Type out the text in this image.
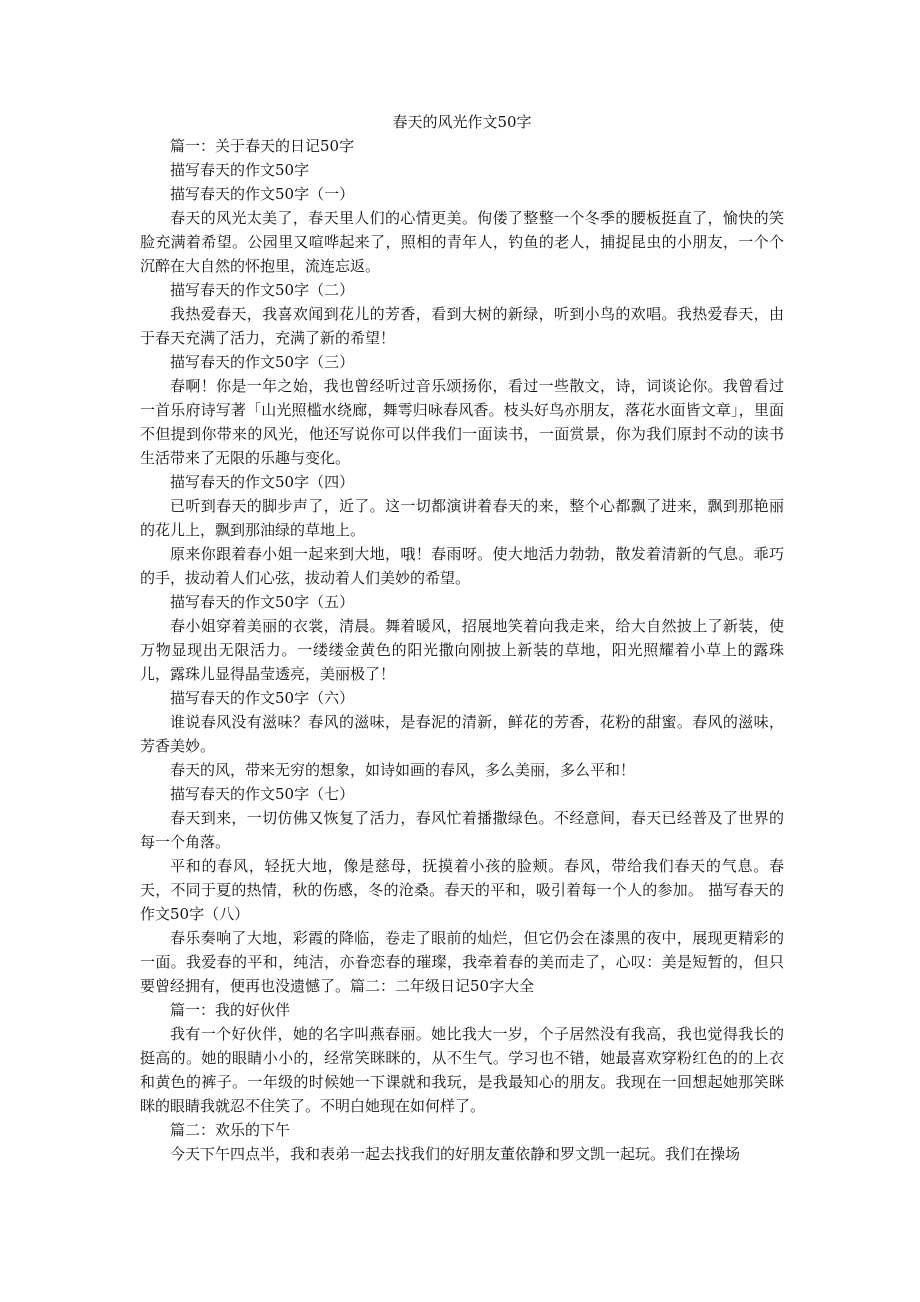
春天的风光作文50字

篇一：关于春天的日记50字

描写春天的作文50字

描写春天的作文50字（一）

春天的风光太美了，春天里人们的心情更美。佝偻了整整一个冬季的腰板挺直了，愉快的笑脸充满着希望。公园里又喧哗起来了，照相的青年人，钓鱼的老人，捕捉昆虫的小朋友，一个个沉醉在大自然的怀抱里，流连忘返。

描写春天的作文50字（二）

我热爱春天，我喜欢闻到花儿的芳香，看到大树的新绿，听到小鸟的欢唱。我热爱春天，由于春天充满了活力，充满了新的希望！

描写春天的作文50字（三）

春啊！你是一年之始，我也曾经听过音乐颂扬你，看过一些散文，诗，词谈论你。我曾看过一首乐府诗写著「山光照槛水绕廊，舞雩归咏春风香。枝头好鸟亦朋友，落花水面皆文章」，里面不但提到你带来的风光，他还写说你可以伴我们一面读书，一面赏景，你为我们原封不动的读书生活带来了无限的乐趣与变化。

描写春天的作文50字（四）

已听到春天的脚步声了，近了。这一切都演讲着春天的来，整个心都飘了进来，飘到那艳丽的花儿上，飘到那油绿的草地上。

原来你跟着春小姐一起来到大地，哦！春雨呀。使大地活力勃勃，散发着清新的气息。乖巧的手，拔动着人们心弦，拔动着人们美妙的希望。

描写春天的作文50字（五）

春小姐穿着美丽的衣裳，清晨。舞着暖风，招展地笑着向我走来，给大自然披上了新装，使万物显现出无限活力。一缕缕金黄色的阳光撒向刚披上新装的草地，阳光照耀着小草上的露珠儿，露珠儿显得晶莹透亮，美丽极了！

描写春天的作文50字（六）

谁说春风没有滋味？春风的滋味，是春泥的清新，鲜花的芳香，花粉的甜蜜。春风的滋味，芳香美妙。

春天的风，带来无穷的想象，如诗如画的春风，多么美丽，多么平和！

描写春天的作文50字（七）

春天到来，一切仿佛又恢复了活力，春风忙着播撒绿色。不经意间，春天已经普及了世界的每一个角落。

平和的春风，轻抚大地，像是慈母，抚摸着小孩的脸颊。春风，带给我们春天的气息。春天，不同于夏的热情，秋的伤感，冬的沧桑。春天的平和，吸引着每一个人的参加。 描写春天的作文50字（八）

春乐奏响了大地，彩霞的降临，卷走了眼前的灿烂，但它仍会在漆黑的夜中，展现更精彩的一面。我爱春的平和，纯洁，亦眷恋春的璀璨，我牵着春的美而走了，心叹：美是短暂的，但只要曾经拥有，便再也没遗憾了。篇二：二年级日记50字大全

篇一：我的好伙伴

我有一个好伙伴，她的名字叫燕春丽。她比我大一岁，个子居然没有我高，我也觉得我长的挺高的。她的眼睛小小的，经常笑眯眯的，从不生气。学习也不错，她最喜欢穿粉红色的的上衣和黄色的裤子。一年级的时候她一下课就和我玩，是我最知心的朋友。我现在一回想起她那笑眯眯的眼睛我就忍不住笑了。不明白她现在如何样了。

篇二：欢乐的下午

今天下午四点半，我和表弟一起去找我们的好朋友董依静和罗文凯一起玩。我们在操场
